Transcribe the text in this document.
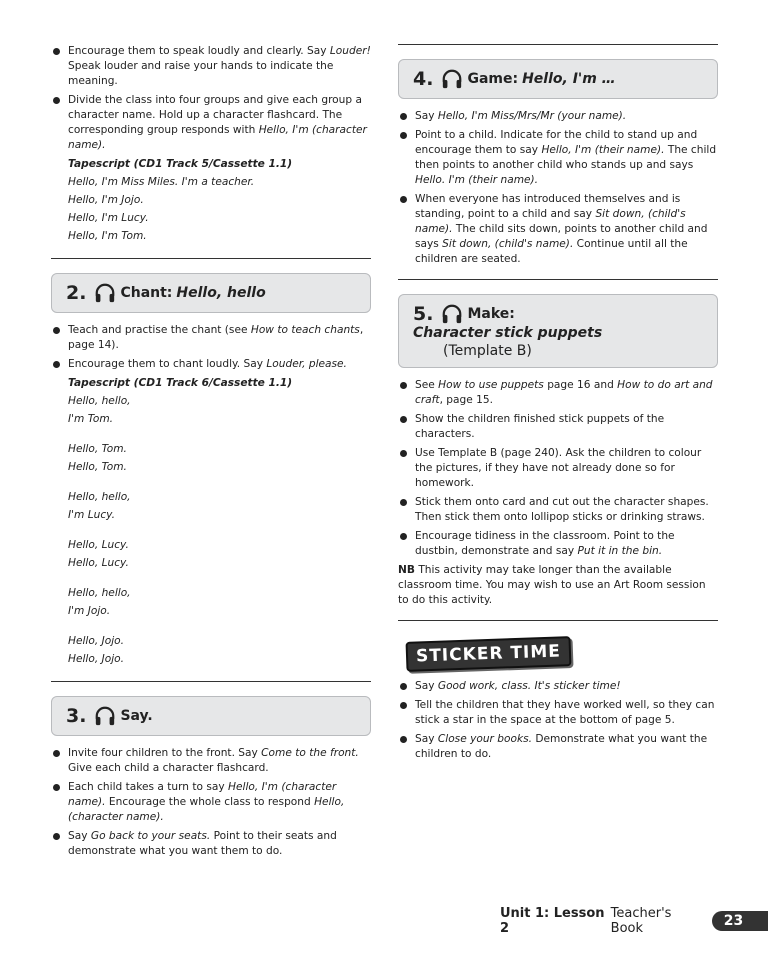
Encourage them to speak loudly and clearly. Say Louder! Speak louder and raise your hands to indicate the meaning.
Divide the class into four groups and give each group a character name. Hold up a character flashcard. The corresponding group responds with Hello, I'm (character name).
Tapescript (CD1 Track 5/Cassette 1.1)
Hello, I'm Miss Miles. I'm a teacher.
Hello, I'm Jojo.
Hello, I'm Lucy.
Hello, I'm Tom.
2. Chant: Hello, hello
Teach and practise the chant (see How to teach chants, page 14).
Encourage them to chant loudly. Say Louder, please.
Tapescript (CD1 Track 6/Cassette 1.1)
Hello, hello,
I'm Tom.
Hello, Tom.
Hello, Tom.
Hello, hello,
I'm Lucy.
Hello, Lucy.
Hello, Lucy.
Hello, hello,
I'm Jojo.
Hello, Jojo.
Hello, Jojo.
3. Say.
Invite four children to the front. Say Come to the front. Give each child a character flashcard.
Each child takes a turn to say Hello, I'm (character name). Encourage the whole class to respond Hello, (character name).
Say Go back to your seats. Point to their seats and demonstrate what you want them to do.
4. Game: Hello, I'm …
Say Hello, I'm Miss/Mrs/Mr (your name).
Point to a child. Indicate for the child to stand up and encourage them to say Hello, I'm (their name). The child then points to another child who stands up and says Hello. I'm (their name).
When everyone has introduced themselves and is standing, point to a child and say Sit down, (child's name). The child sits down, points to another child and says Sit down, (child's name). Continue until all the children are seated.
5. Make:
Character stick puppets
(Template B)
See How to use puppets page 16 and How to do art and craft, page 15.
Show the children finished stick puppets of the characters.
Use Template B (page 240). Ask the children to colour the pictures, if they have not already done so for homework.
Stick them onto card and cut out the character shapes. Then stick them onto lollipop sticks or drinking straws.
Encourage tidiness in the classroom. Point to the dustbin, demonstrate and say Put it in the bin.

NB This activity may take longer than the available classroom time. You may wish to use an Art Room session to do this activity.

STICKER TIME
Say Good work, class. It's sticker time!
Tell the children that they have worked well, so they can stick a star in the space at the bottom of page 5.
Say Close your books. Demonstrate what you want the children to do.
Unit 1: Lesson 2
Teacher's Book	23
